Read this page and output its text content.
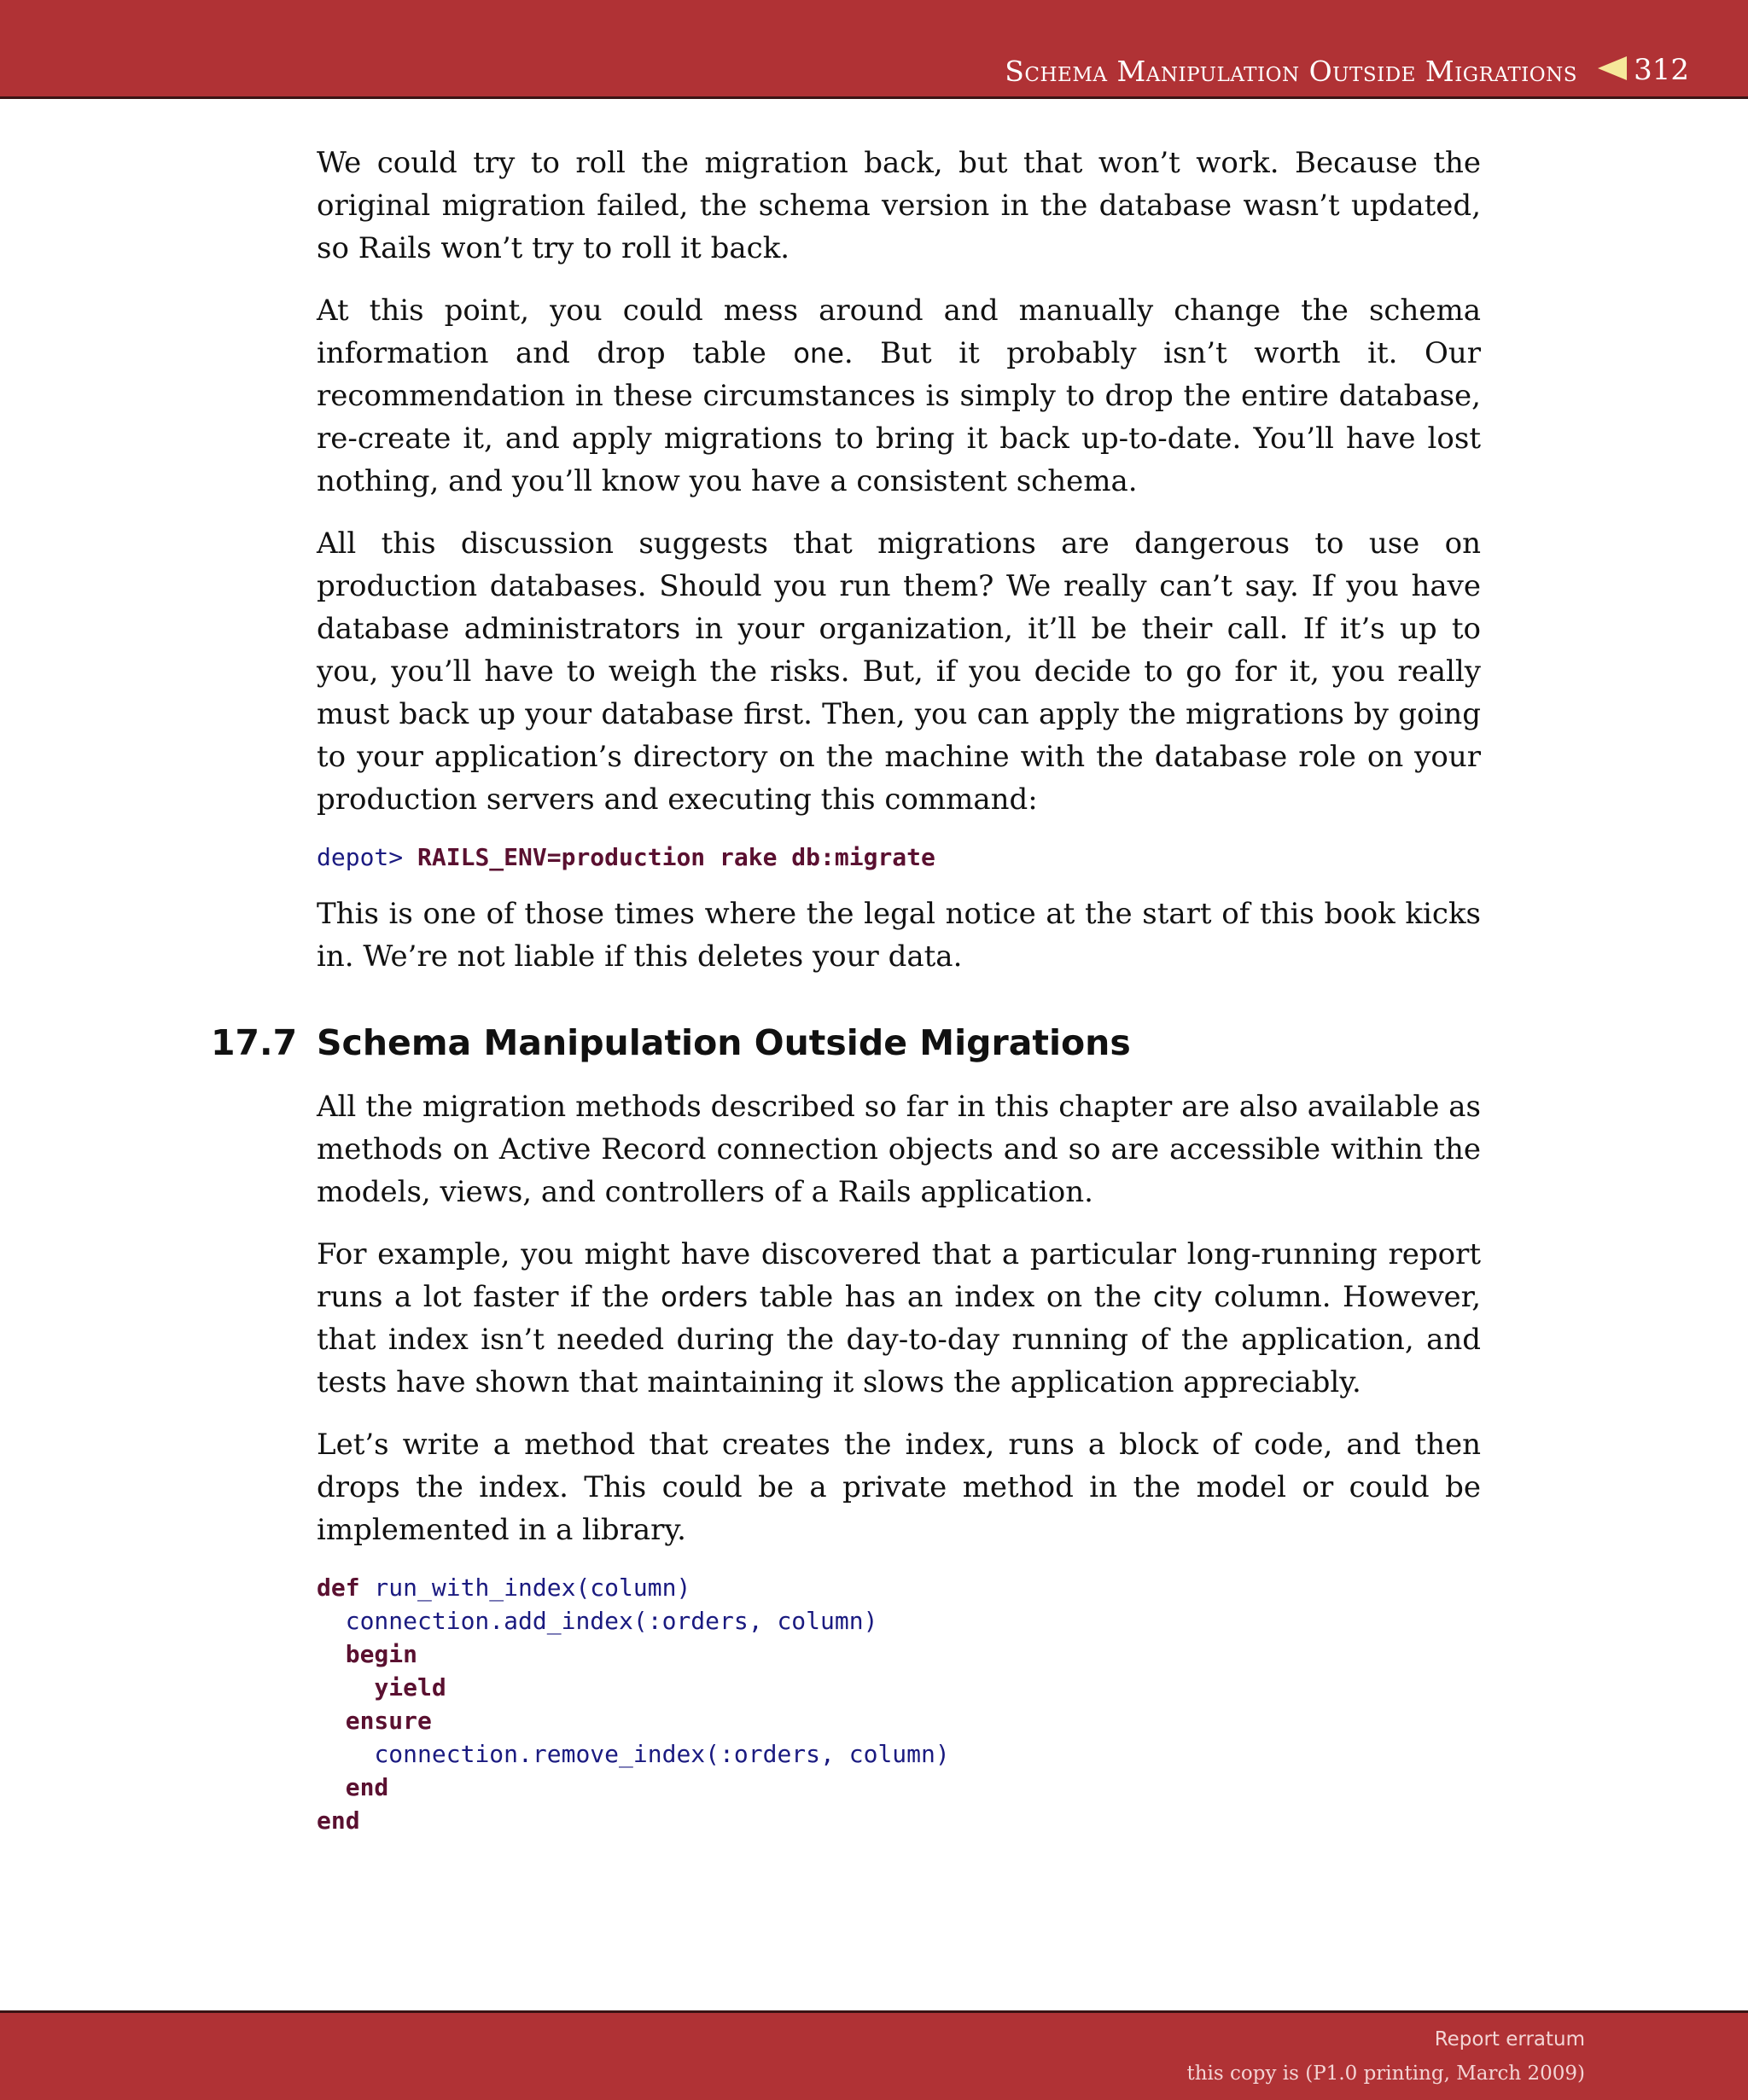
Schema Manipulation Outside Migrations 312

We could try to roll the migration back, but that won’t work. Because the original migration failed, the schema version in the database wasn’t updated, so Rails won’t try to roll it back.

At this point, you could mess around and manually change the schema information and drop table one. But it probably isn’t worth it. Our recommendation in these circumstances is simply to drop the entire database, re-create it, and apply migrations to bring it back up-to-date. You’ll have lost nothing, and you’ll know you have a consistent schema.

All this discussion suggests that migrations are dangerous to use on production databases. Should you run them? We really can’t say. If you have database administrators in your organization, it’ll be their call. If it’s up to you, you’ll have to weigh the risks. But, if you decide to go for it, you really must back up your database first. Then, you can apply the migrations by going to your application’s directory on the machine with the database role on your production servers and executing this command:

depot> RAILS_ENV=production rake db:migrate

This is one of those times where the legal notice at the start of this book kicks in. We’re not liable if this deletes your data.

17.7 Schema Manipulation Outside Migrations

All the migration methods described so far in this chapter are also available as methods on Active Record connection objects and so are accessible within the models, views, and controllers of a Rails application.

For example, you might have discovered that a particular long-running report runs a lot faster if the orders table has an index on the city column. However, that index isn’t needed during the day-to-day running of the application, and tests have shown that maintaining it slows the application appreciably.

Let’s write a method that creates the index, runs a block of code, and then drops the index. This could be a private method in the model or could be implemented in a library.

def run_with_index(column)
connection.add_index(:orders, column)
begin
yield
ensure
connection.remove_index(:orders, column)
end
end
Report erratum
this copy is (P1.0 printing, March 2009)
